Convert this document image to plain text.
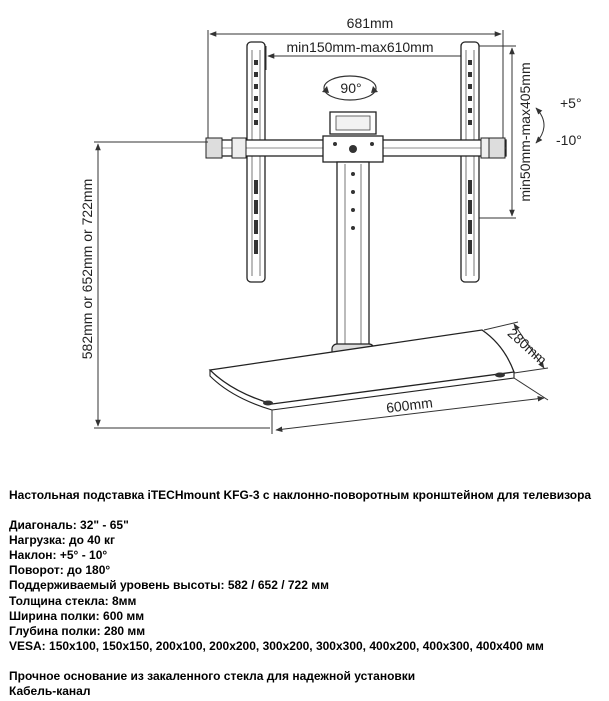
681mm
min150mm-max610mm
min50mm-max405mm +5°
-10°
90°
582mm or 652mm or 722mm	280mm
600mm
Настольная подставка iTECHmount KFG-3 с наклонно-поворотным кронштейном для телевизора
Диагональ: 32" - 65"
Нагрузка: до 40 кг
Наклон: +5° - 10°
Поворот: до 180°
Поддерживаемый уровень высоты: 582 / 652 / 722 мм
Толщина стекла: 8мм
Ширина полки: 600 мм
Глубина полки: 280 мм
VESA: 150x100, 150x150, 200x100, 200x200, 300x200, 300x300, 400x200, 400x300, 400x400 мм
Прочное основание из закаленного стекла для надежной установки
Кабель-канал
